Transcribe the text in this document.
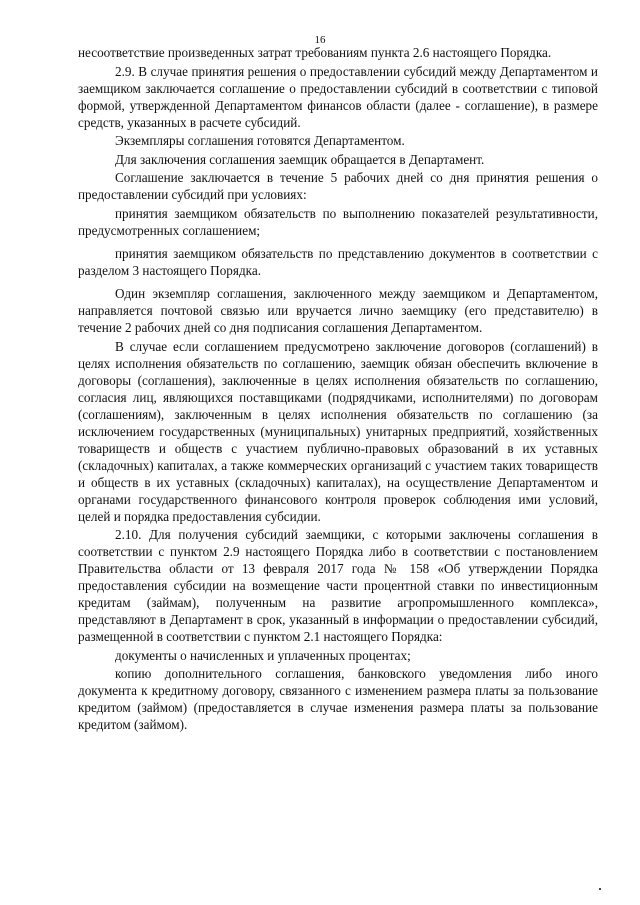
16

несоответствие произведенных затрат требованиям пункта 2.6 настоящего Порядка.

2.9. В случае принятия решения о предоставлении субсидий между Департаментом и заемщиком заключается соглашение о предоставлении субсидий в соответствии с типовой формой, утвержденной Департаментом финансов области (далее - соглашение), в размере средств, указанных в расчете субсидий.

Экземпляры соглашения готовятся Департаментом.

Для заключения соглашения заемщик обращается в Департамент.

Соглашение заключается в течение 5 рабочих дней со дня принятия решения о предоставлении субсидий при условиях:

принятия заемщиком обязательств по выполнению показателей результативности, предусмотренных соглашением;

принятия заемщиком обязательств по представлению документов в соответствии с разделом 3 настоящего Порядка.

Один экземпляр соглашения, заключенного между заемщиком и Департаментом, направляется почтовой связью или вручается лично заемщику (его представителю) в течение 2 рабочих дней со дня подписания соглашения Департаментом.

В случае если соглашением предусмотрено заключение договоров (соглашений) в целях исполнения обязательств по соглашению, заемщик обязан обеспечить включение в договоры (соглашения), заключенные в целях исполнения обязательств по соглашению, согласия лиц, являющихся поставщиками (подрядчиками, исполнителями) по договорам (соглашениям), заключенным в целях исполнения обязательств по соглашению (за исключением государственных (муниципальных) унитарных предприятий, хозяйственных товариществ и обществ с участием публично-правовых образований в их уставных (складочных) капиталах, а также коммерческих организаций с участием таких товариществ и обществ в их уставных (складочных) капиталах), на осуществление Департаментом и органами государственного финансового контроля проверок соблюдения ими условий, целей и порядка предоставления субсидии.

2.10. Для получения субсидий заемщики, с которыми заключены соглашения в соответствии с пунктом 2.9 настоящего Порядка либо в соответствии с постановлением Правительства области от 13 февраля 2017 года № 158 «Об утверждении Порядка предоставления субсидии на возмещение части процентной ставки по инвестиционным кредитам (займам), полученным на развитие агропромышленного комплекса», представляют в Департамент в срок, указанный в информации о предоставлении субсидий, размещенной в соответствии с пунктом 2.1 настоящего Порядка:

документы о начисленных и уплаченных процентах;

копию дополнительного соглашения, банковского уведомления либо иного документа к кредитному договору, связанного с изменением размера платы за пользование кредитом (займом) (предоставляется в случае изменения размера платы за пользование кредитом (займом).
